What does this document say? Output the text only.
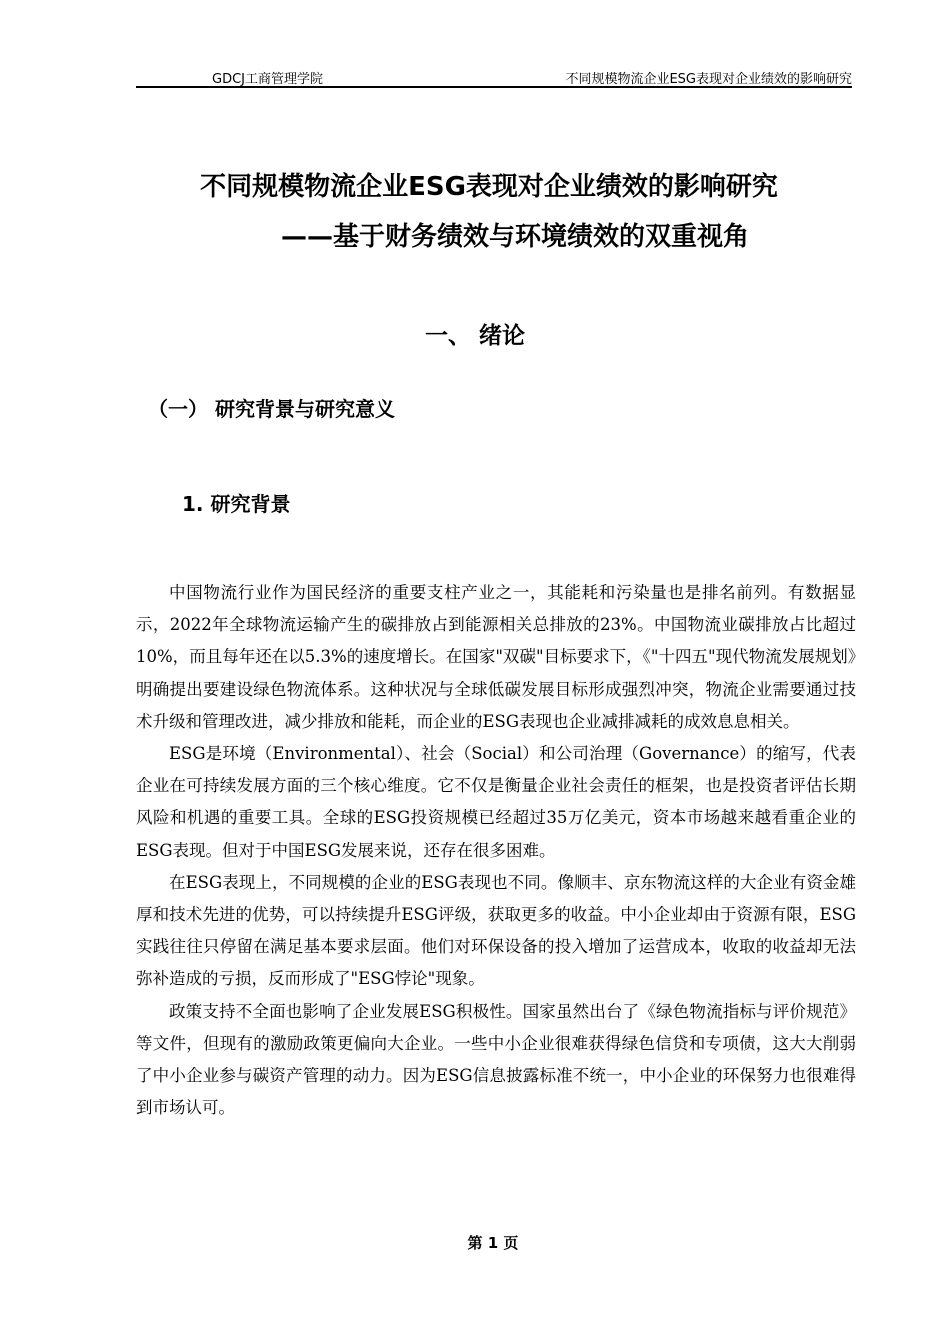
GDCJ工商管理学院	不同规模物流企业ESG表现对企业绩效的影响研究
不同规模物流企业ESG表现对企业绩效的影响研究
——基于财务绩效与环境绩效的双重视角
一、 绪论
（一） 研究背景与研究意义
1. 研究背景

中国物流行业作为国民经济的重要支柱产业之一，其能耗和污染量也是排名前列。有数据显示，2022年全球物流运输产生的碳排放占到能源相关总排放的23%。中国物流业碳排放占比超过10%，而且每年还在以5.3%的速度增长。在国家"双碳"目标要求下，《"十四五"现代物流发展规划》明确提出要建设绿色物流体系。这种状况与全球低碳发展目标形成强烈冲突，物流企业需要通过技术升级和管理改进，减少排放和能耗，而企业的ESG表现也企业减排减耗的成效息息相关。

ESG是环境（Environmental）、社会（Social）和公司治理（Governance）的缩写，代表企业在可持续发展方面的三个核心维度。它不仅是衡量企业社会责任的框架，也是投资者评估长期风险和机遇的重要工具。全球的ESG投资规模已经超过35万亿美元，资本市场越来越看重企业的ESG表现。但对于中国ESG发展来说，还存在很多困难。

在ESG表现上，不同规模的企业的ESG表现也不同。像顺丰、京东物流这样的大企业有资金雄厚和技术先进的优势，可以持续提升ESG评级，获取更多的收益。中小企业却由于资源有限，ESG实践往往只停留在满足基本要求层面。他们对环保设备的投入增加了运营成本，收取的收益却无法弥补造成的亏损，反而形成了"ESG悖论"现象。

政策支持不全面也影响了企业发展ESG积极性。国家虽然出台了《绿色物流指标与评价规范》等文件，但现有的激励政策更偏向大企业。一些中小企业很难获得绿色信贷和专项债，这大大削弱了中小企业参与碳资产管理的动力。因为ESG信息披露标准不统一，中小企业的环保努力也很难得到市场认可。

第 1 页
